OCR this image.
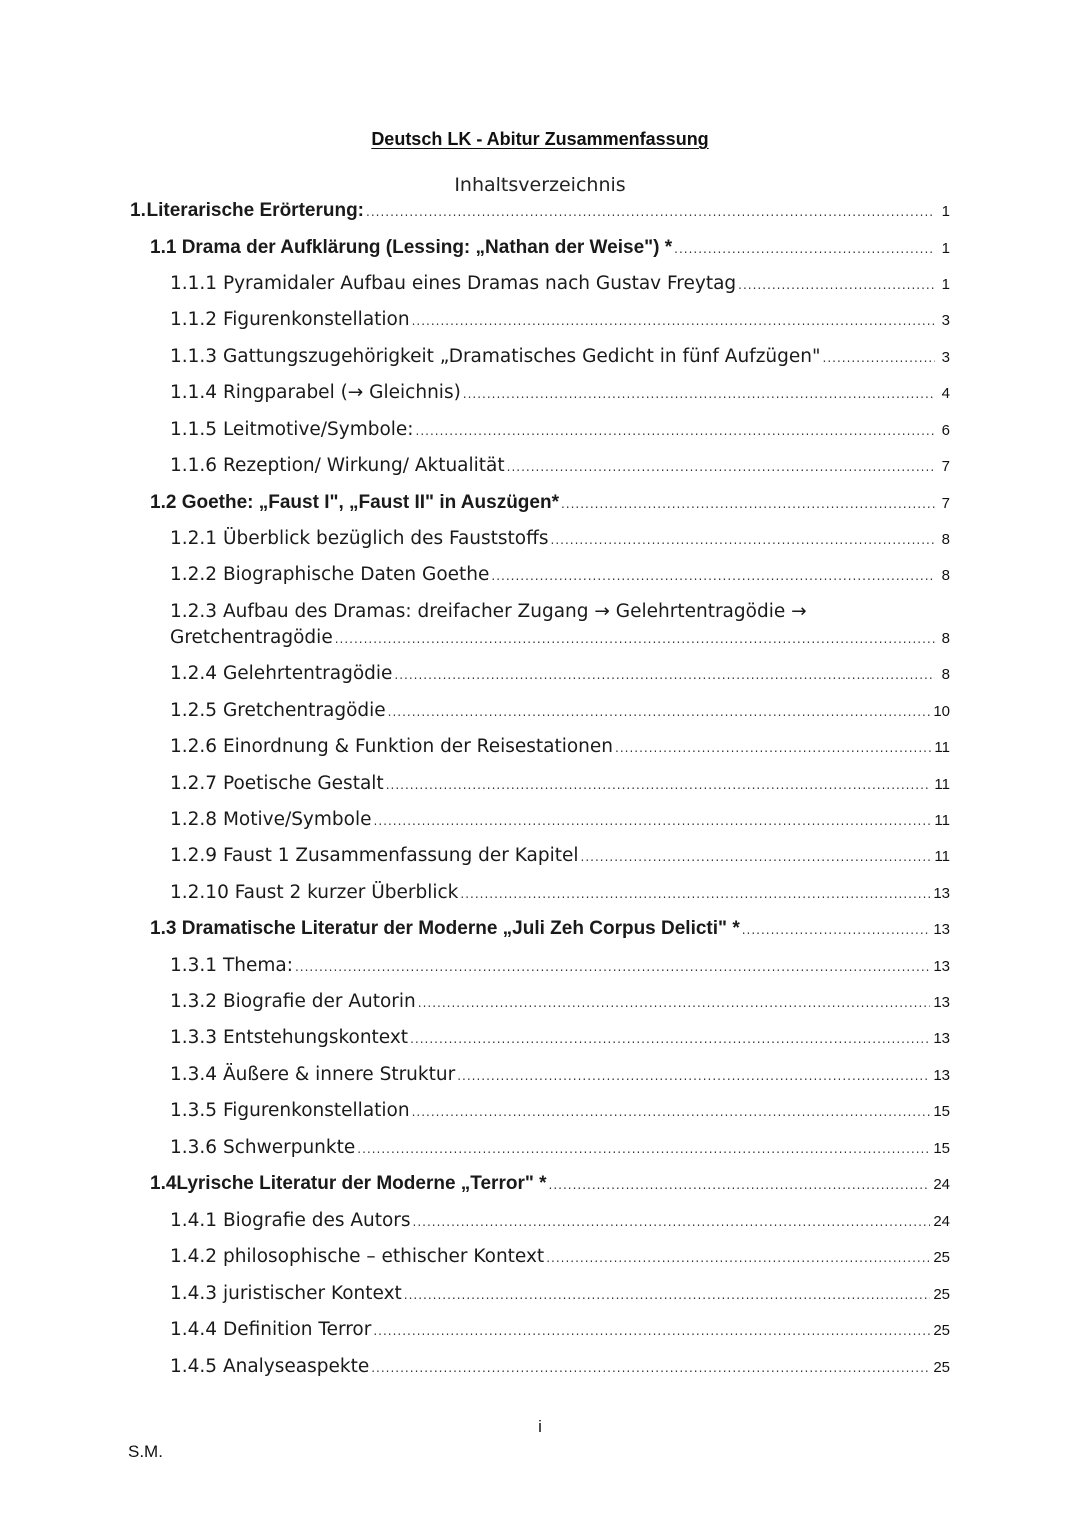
Deutsch LK - Abitur Zusammenfassung
Inhaltsverzeichnis
1. Literarische Erörterung: .....	1
1.1 Drama der Aufklärung (Lessing: „Nathan der Weise") * .....	1
1.1.1 Pyramidaler Aufbau eines Dramas nach Gustav Freytag .....	1
1.1.2 Figurenkonstellation .....	3
1.1.3 Gattungszugehörigkeit „Dramatisches Gedicht in fünf Aufzügen" .....	3
1.1.4 Ringparabel (→ Gleichnis) .....	4
1.1.5 Leitmotive/Symbole: .....	6
1.1.6 Rezeption/ Wirkung/ Aktualität .....	7
1.2 Goethe: „Faust I", „Faust II" in Auszügen* .....	7
1.2.1 Überblick bezüglich des Fauststoffs .....	8
1.2.2 Biographische Daten Goethe .....	8
1.2.3 Aufbau des Dramas: dreifacher Zugang → Gelehrtentragödie →
Gretchentragödie .....	8
1.2.4 Gelehrtentragödie .....	8
1.2.5 Gretchentragödie .....	10
1.2.6 Einordnung & Funktion der Reisestationen .....	11
1.2.7 Poetische Gestalt .....	11
1.2.8 Motive/Symbole .....	11
1.2.9 Faust 1 Zusammenfassung der Kapitel .....	11
1.2.10 Faust 2 kurzer Überblick .....	13
1.3 Dramatische Literatur der Moderne „Juli Zeh Corpus Delicti" * .....	13
1.3.1 Thema: .....	13
1.3.2 Biografie der Autorin .....	13
1.3.3 Entstehungskontext .....	13
1.3.4 Äußere & innere Struktur .....	13
1.3.5 Figurenkonstellation .....	15
1.3.6 Schwerpunkte .....	15
1.4 Lyrische Literatur der Moderne „Terror" * .....	24
1.4.1 Biografie des Autors .....	24
1.4.2 philosophische – ethischer Kontext .....	25
1.4.3 juristischer Kontext .....	25
1.4.4 Definition Terror .....	25
1.4.5 Analyseaspekte .....	25
i
S.M.
